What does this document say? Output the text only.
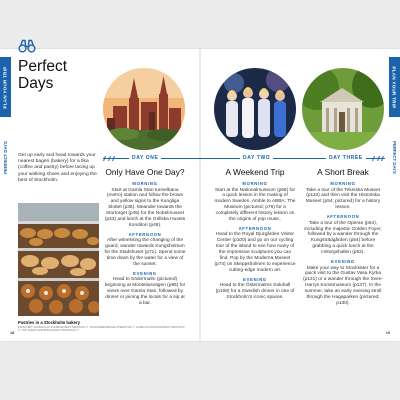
PLAN YOUR TRIP	PLAN YOUR TRIP
PERFECT DAYS	PERFECT DAYS
Perfect Days

Get up early and head towards your nearest bageri (bakery) for a fika (coffee and pastry) before lacing up your walking shoes and enjoying the best of Stockholm.

Pastries in a Stockholm bakery
FROM LEFT: JOAKIM LLOYD RABOFF/SHUTTERSTOCK ©, ROCKSWEETER/SHUTTERSTOCK ©, ALSEN GUSTAVSSON/SHUTTERSTOCK ©; TOP: ELENA SHCHIPKOVA/SHUTTERSTOCK ©
18	19
DAY ONE	DAY TWO	DAY THREE
Only Have One Day?
MORNING

Start at Gamla Stan tunnelbana (metro) station and follow the brown and yellow signs to the Kungliga Slottet (p38). Meander towards the Stortorget (p45) for the Nobelmuseet (p43) and lunch at the Grillska Husets Konditori (p48).

AFTERNOON

After witnessing the changing of the guard, wander towards Kungsholmen for the Stadshuset (p71). Spend some time down by the water for a view of the sunset.

EVENING

Head to Södermalm (pictured) beginning at Monteliusvägen (p95) for views over Gamla Stan, followed by dinner or joining the locals for a sip at a bar.

A Weekend Trip
MORNING

Start at the Nationalmuseum (p66) for a quick lesson in the making of modern Sweden. Amble to ABBA: The Museum (pictured; p79) for a completely different history lesson on the origins of pop music.

AFTERNOON

Head to the Royal Djurgården Visitor Center (p100) and go on our cycling tour of the island to see how many of the impressive sculptures you can find. Pop by the Moderna Museet (p74) on Skeppsholmen to experience cutting-edge modern art.

EVENING

Head to the Östermalms Saluhall (p108) for a Swedish dinner in one of Stockholm's iconic spaces.

A Short Break
MORNING

Take a tour of the Tekniska Museet (p110) and then visit the Historiska Museet (p54; pictured) for a history lesson.

AFTERNOON

Take a tour of the Operan (p54), including the majestic Golden Foyer, followed by a wander through the Kungsträdgården (p54) before grabbing a quick lunch at the Hötorgshallen (p62).

EVENING

Make your way to Stocksäter for a quick visit to the Gustav Vasa Kyrka (p131) or a wander through the Sven-Harrys Konstmuseum (p137). In the summer, take an early evening stroll through the Hagaparken (pictured; p130).
